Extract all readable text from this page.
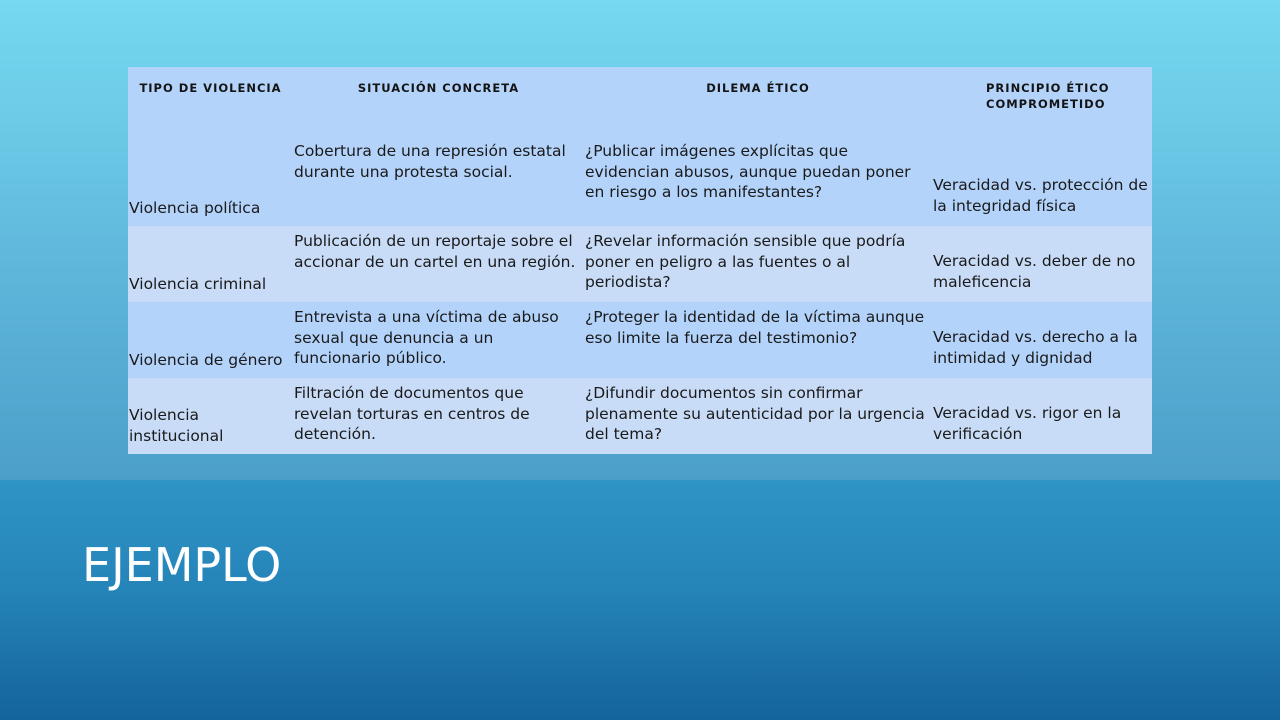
TIPO DE VIOLENCIA	SITUACIÓN CONCRETA	DILEMA ÉTICO	PRINCIPIO ÉTICO COMPROMETIDO
Violencia política	Cobertura de una represión estatal durante una protesta social.	¿Publicar imágenes explícitas que evidencian abusos, aunque puedan poner en riesgo a los manifestantes?	Veracidad vs. protección de la integridad física
Violencia criminal	Publicación de un reportaje sobre el accionar de un cartel en una región.	¿Revelar información sensible que podría poner en peligro a las fuentes o al periodista?	Veracidad vs. deber de no maleficencia
Violencia de género	Entrevista a una víctima de abuso sexual que denuncia a un funcionario público.	¿Proteger la identidad de la víctima aunque eso limite la fuerza del testimonio?	Veracidad vs. derecho a la intimidad y dignidad
Violencia institucional	Filtración de documentos que revelan torturas en centros de detención.	¿Difundir documentos sin confirmar plenamente su autenticidad por la urgencia del tema?	Veracidad vs. rigor en la verificación
EJEMPLO
